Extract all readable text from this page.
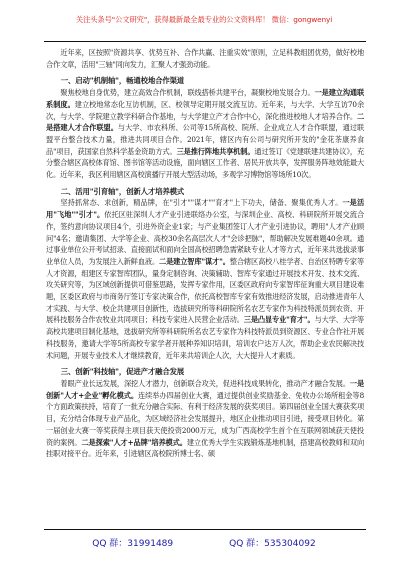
关注头条号"公文研究"，获得最新最全最专业的公文资料库！ 微信：gongwenyi

近年来，区按照"资源共享、优势互补、合作共赢、注重实效"原则，立足科教组团优势，做好校地合作文章，活用"三轴"同向发力，汇聚人才强劲动能。

一、启动"机制轴"，畅通校地合作渠道

聚焦校地自身优势，建立高效合作机制，联线搭桥共建平台，凝聚校地发展合力。一是建立沟通联系制度。建立校地常态化互访机制，区、校领导定期开展交流互访。近年来，与大学、大学互访70余次，与大学、学院建立教学科研合作基地，与大学建立产才合作中心，深化推进校地人才培养合作。二是搭建人才合作联盟。与大学、市农科所、公司等15所高校、院所、企业成立人才合作联盟，通过联盟平台整合技术力量，推进共同项目合作。2021年，辖区内有公司与研究所开发的"金花茶康养食品"项目，获国家自然科学基金资助方式。三是推行阵地共享机制。通过签订《党建联建共建协议》，充分整合辖区高校体育馆、图书馆等活动设施，面向辖区工作者、居民开放共享，发挥服务阵地效能最大化。近年来，我区利用辖区高校演播厅开展大型活动场，多观学习博物馆等场所10次。

二、活用"引育轴"，创新人才培养模式

坚持抓常态、求创新，精品牌，在"引才""谋才""育才"上下功夫，储备、聚集优秀人才。一是活用"飞地""引才"。依托区驻深圳人才产业引进联络办公室，与深圳企业、高校、科研院所开展交流合作，签约意向协议项目4个，引进外资企业1家；与产业集团签订人才产业引进协议，聘用"人才产业顾问"4名；邀请集团、大学等企业、高校30余名高层次人才"会诊把脉"，帮助解决发展难题40余项。通过事业单位公开考试招录、直接面试和面向全国高校招聘急需紧缺专业人才等方式，近年来共选拔录事业单位人员，为发展注入新鲜血液。二是建立智库"谋才"。整合辖区高校八桂学者、自治区特聘专家等人才资源，组建区专家智库团队，量身定制咨询、决策辅助、智库专家通过开展技术开发、技术交流、攻关研究等，为区域创新提供可借鉴思路，发挥专家作用，区委区政府向专家智库征询重大项目建设难题，区委区政府与市商务厅签订专家决策合作，依托高校智库专家有效推进经济发展，启动推进青年人才实践、与大学、校企共建项目创新性，选拔研究所等科研院所名农艺专家作为科技特派员到农资、开展科技服务合作农牧业共同项目；科技专家进入民营企业活动。三是凸显专业"育才"。与大学、大学等高校共建项目制化基地，选拔研究所等科研院所名农艺专家作为科技特派员到资源区、专业合作社开展科技服务，邀请大学等5所高校专家学者开展种养知识培训，培训农户达万人次，帮助企业农民解决技术问题，开展专业技术人才继续教育，近年来共培训企人次，大大提升人才素质。

三、创新"科技轴"，促进产才融合发展

着眼产业长远发展，深挖人才潜力，创新联合攻关，促进科技成果转化，推动产才融合发展。一是创新"人才+企业"孵化模式。连续举办四届创业大赛，通过提供创业奖励基金、免收办公场所租金等8个方面政策扶持，培育了一批充分融合实际、有利于经济发展的获奖项目。第四届创业全国大赛获奖项目，充分结合体现专业产品化，为区域经济社会发展提升，地区企业推动项目引进，接受项目转化。第一届创业大赛一等奖获得主项目获天使投资2000万元，成为广西高校学生首个在互联网领域获天使投资的案例。二是探索"人才+品牌"培养模式。建立优秀大学生实践锻炼基地机制，搭建高校教师和双向挂职对接平台。近年来，引进辖区高校院所博士名、硕

QQ 群：31991489	QQ 群：535304092
